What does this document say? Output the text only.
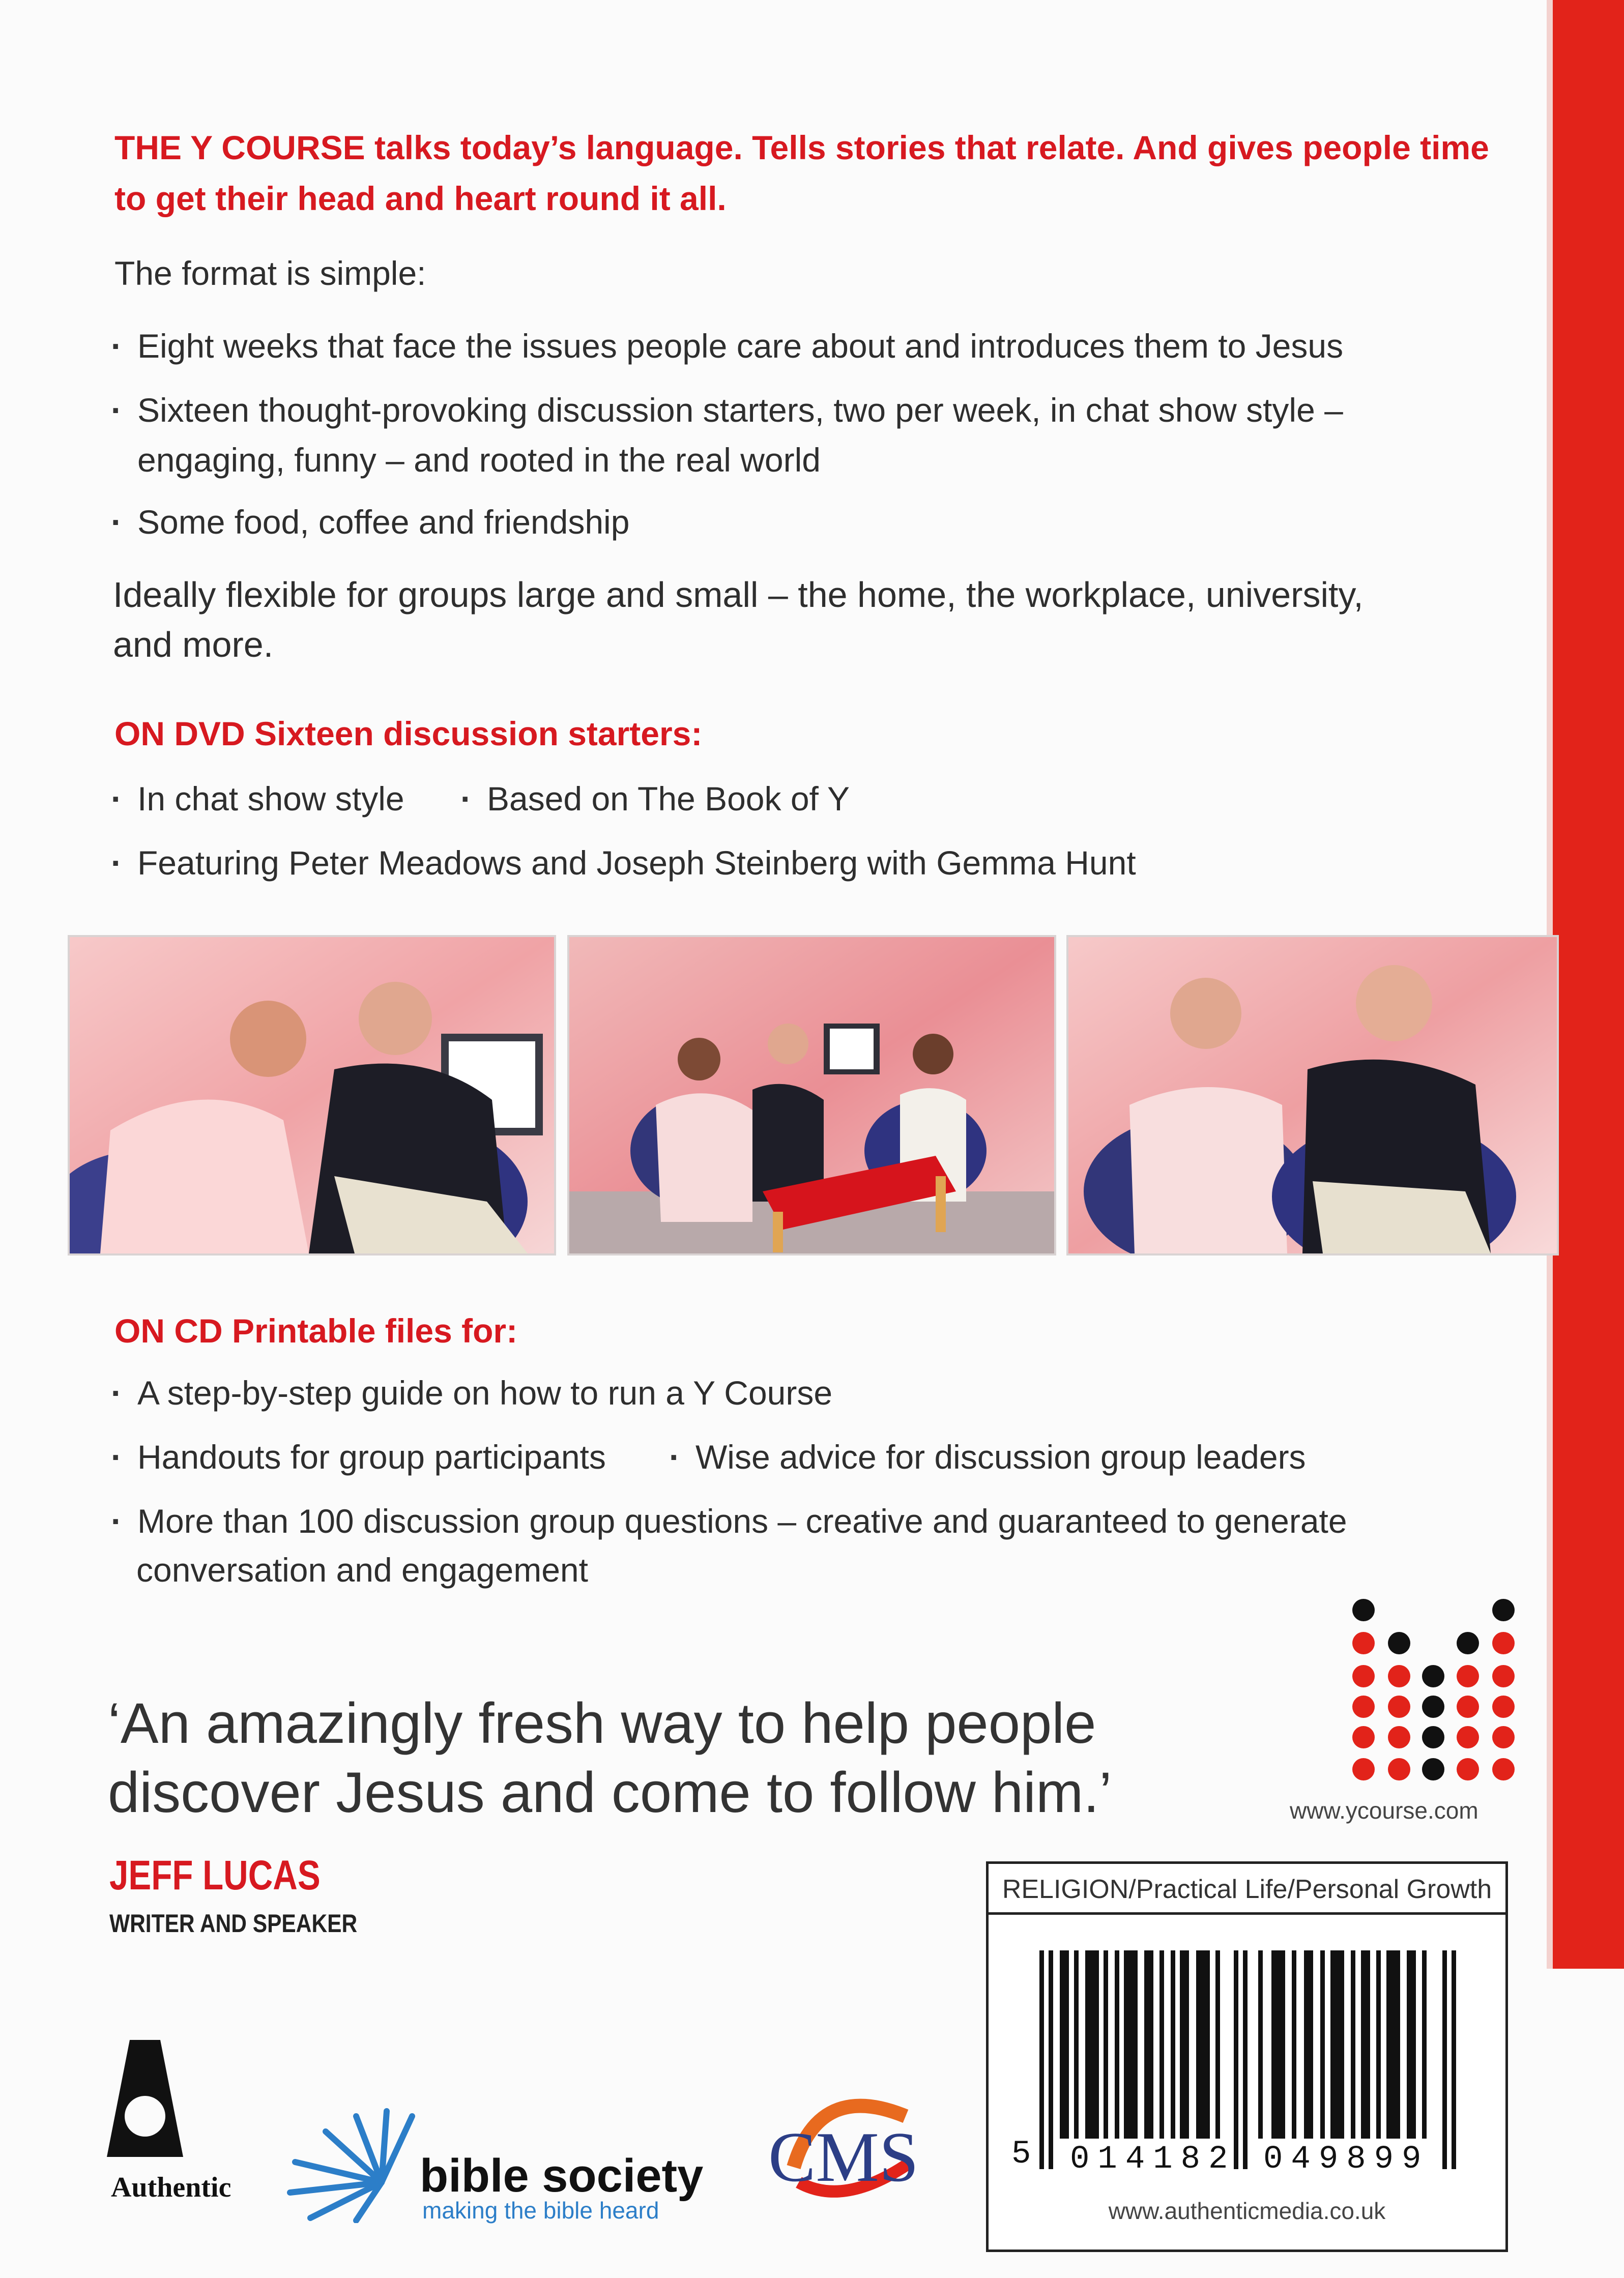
THE Y COURSE talks today’s language. Tells stories that relate. And gives people time to get their head and heart round it all.
The format is simple:
· Eight weeks that face the issues people care about and introduces them to Jesus
· Sixteen thought-provoking discussion starters, two per week, in chat show style –
engaging, funny – and rooted in the real world
· Some food, coffee and friendship
Ideally flexible for groups large and small – the home, the workplace, university,
and more.
ON DVD Sixteen discussion starters:
· In chat show style	· Based on The Book of Y
· Featuring Peter Meadows and Joseph Steinberg with Gemma Hunt
ON CD Printable files for:
· A step-by-step guide on how to run a Y Course
· Handouts for group participants	· Wise advice for discussion group leaders
· More than 100 discussion group questions – creative and guaranteed to generate
conversation and engagement
www.ycourse.com
‘An amazingly fresh way to help people discover Jesus and come to follow him.’
JEFF LUCAS
WRITER AND SPEAKER
RELIGION/Practical Life/Personal Growth
5 014182 049899
www.authenticmedia.co.uk
Authentic	bible society
making the bible heard
CMS
